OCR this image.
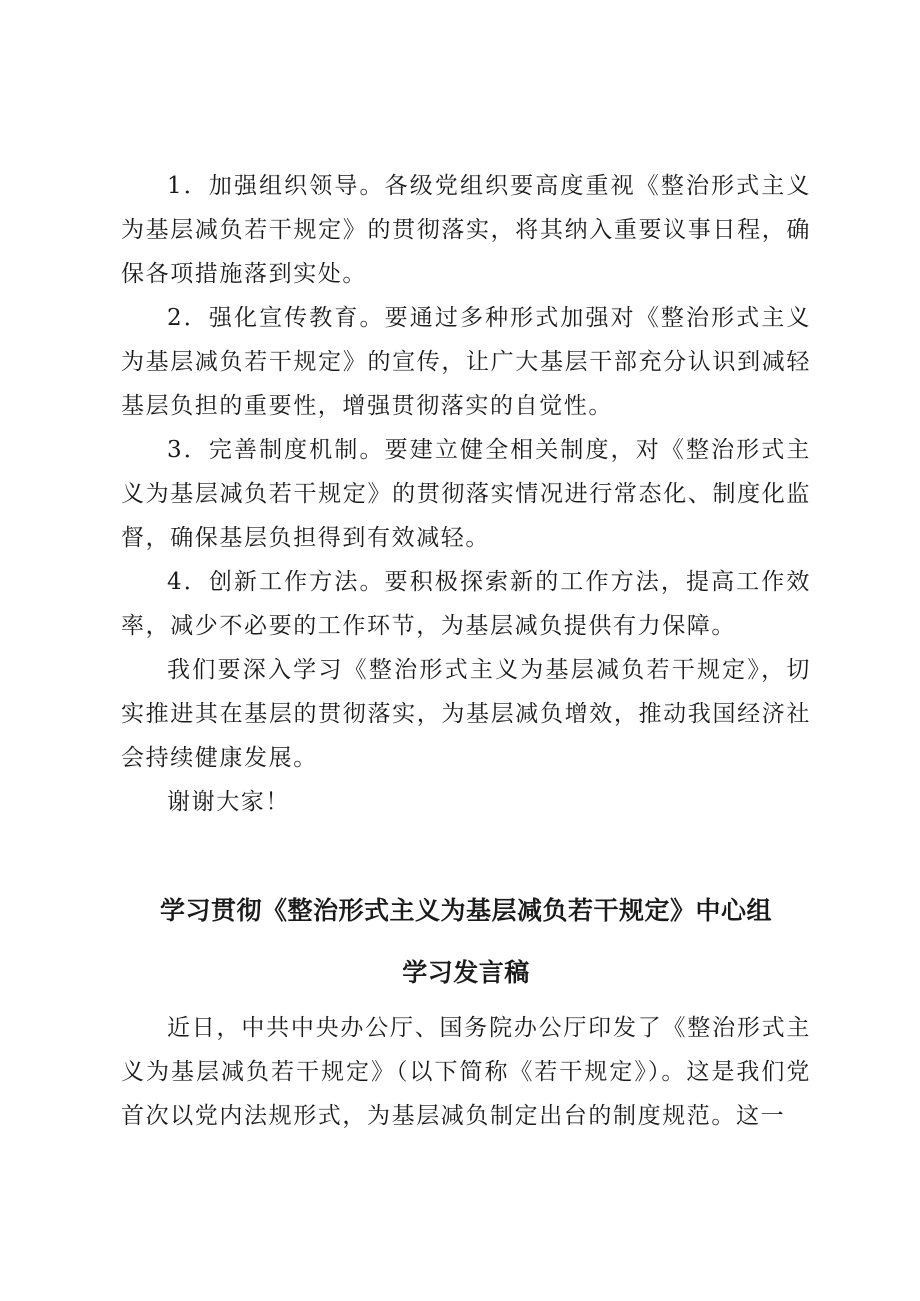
1．加强组织领导。各级党组织要高度重视《整治形式主义为基层减负若干规定》的贯彻落实，将其纳入重要议事日程，确保各项措施落到实处。

2．强化宣传教育。要通过多种形式加强对《整治形式主义为基层减负若干规定》的宣传，让广大基层干部充分认识到减轻基层负担的重要性，增强贯彻落实的自觉性。

3．完善制度机制。要建立健全相关制度，对《整治形式主义为基层减负若干规定》的贯彻落实情况进行常态化、制度化监督，确保基层负担得到有效减轻。

4．创新工作方法。要积极探索新的工作方法，提高工作效率，减少不必要的工作环节，为基层减负提供有力保障。

我们要深入学习《整治形式主义为基层减负若干规定》，切实推进其在基层的贯彻落实，为基层减负增效，推动我国经济社会持续健康发展。

谢谢大家！

学习贯彻《整治形式主义为基层减负若干规定》中心组

学习发言稿

近日，中共中央办公厅、国务院办公厅印发了《整治形式主义为基层减负若干规定》（以下简称《若干规定》）。这是我们党首次以党内法规形式，为基层减负制定出台的制度规范。这一
